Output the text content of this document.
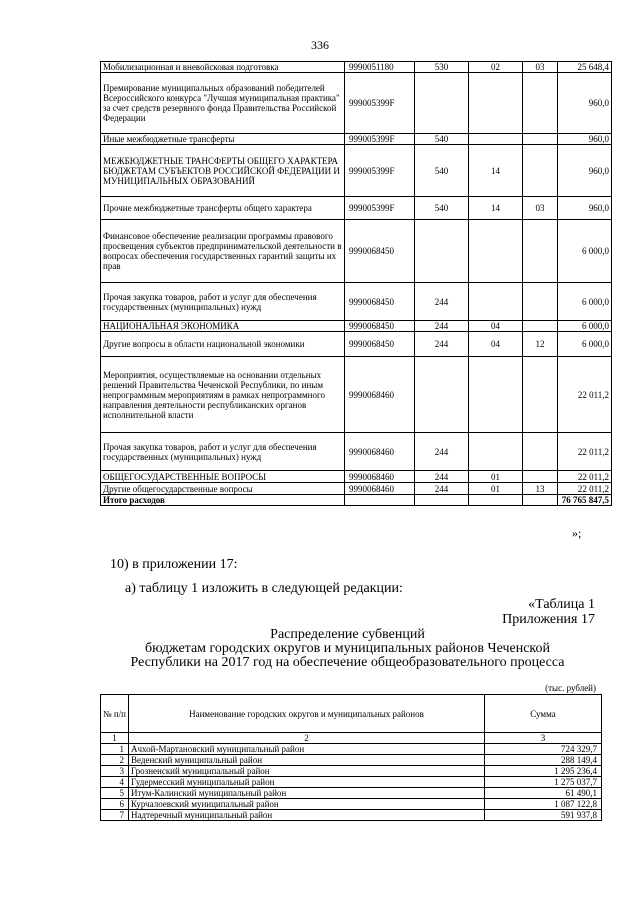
336
Мобилизационная и вневойсковая подготовка	9990051180	530	02	03	25 648,4
Премирование муниципальных образований победителей Всероссийского конкурса "Лучшая муниципальная практика" за счет средств резервного фонда Правительства Российской Федерации	999005399F				960,0
Иные межбюджетные трансферты	999005399F	540			960,0
МЕЖБЮДЖЕТНЫЕ ТРАНСФЕРТЫ ОБЩЕГО ХАРАКТЕРА БЮДЖЕТАМ СУБЪЕКТОВ РОССИЙСКОЙ ФЕДЕРАЦИИ И МУНИЦИПАЛЬНЫХ ОБРАЗОВАНИЙ	999005399F	540	14		960,0
Прочие межбюджетные трансферты общего характера	999005399F	540	14	03	960,0
Финансовое обеспечение реализации программы правового просвещения субъектов предпринимательской деятельности в вопросах обеспечения государственных гарантий защиты их прав	9990068450				6 000,0
Прочая закупка товаров, работ и услуг для обеспечения государственных (муниципальных) нужд	9990068450	244			6 000,0
НАЦИОНАЛЬНАЯ ЭКОНОМИКА	9990068450	244	04		6 000,0
Другие вопросы в области национальной экономики	9990068450	244	04	12	6 000,0
Мероприятия, осуществляемые на основании отдельных решений Правительства Чеченской Республики, по иным непрограммным мероприятиям в рамках непрограммного направления деятельности республиканских органов исполнительной власти	9990068460				22 011,2
Прочая закупка товаров, работ и услуг для обеспечения государственных (муниципальных) нужд	9990068460	244			22 011,2
ОБЩЕГОСУДАРСТВЕННЫЕ ВОПРОСЫ	9990068460	244	01		22 011,2
Другие общегосударственные вопросы	9990068460	244	01	13	22 011,2
Итого расходов					76 765 847,5
»;
10) в приложении 17:
а) таблицу 1 изложить в следующей редакции:
«Таблица 1
Приложения 17
Распределение субвенций
бюджетам городских округов и муниципальных районов Чеченской
Республики на 2017 год на обеспечение общеобразовательного процесса
(тыс. рублей)
№ п/п	Наименование городских округов и муниципальных районов	Сумма
1	2	3
1	Ачхой-Мартановский муниципальный район	724 329,7
2	Веденский муниципальный район	288 149,4
3	Грозненский муниципальный район	1 295 236,4
4	Гудермесский муниципальный район	1 275 037,7
5	Итум-Калинский муниципальный район	61 490,1
6	Курчалоевский муниципальный район	1 087 122,8
7	Надтеречный муниципальный район	591 937,8
